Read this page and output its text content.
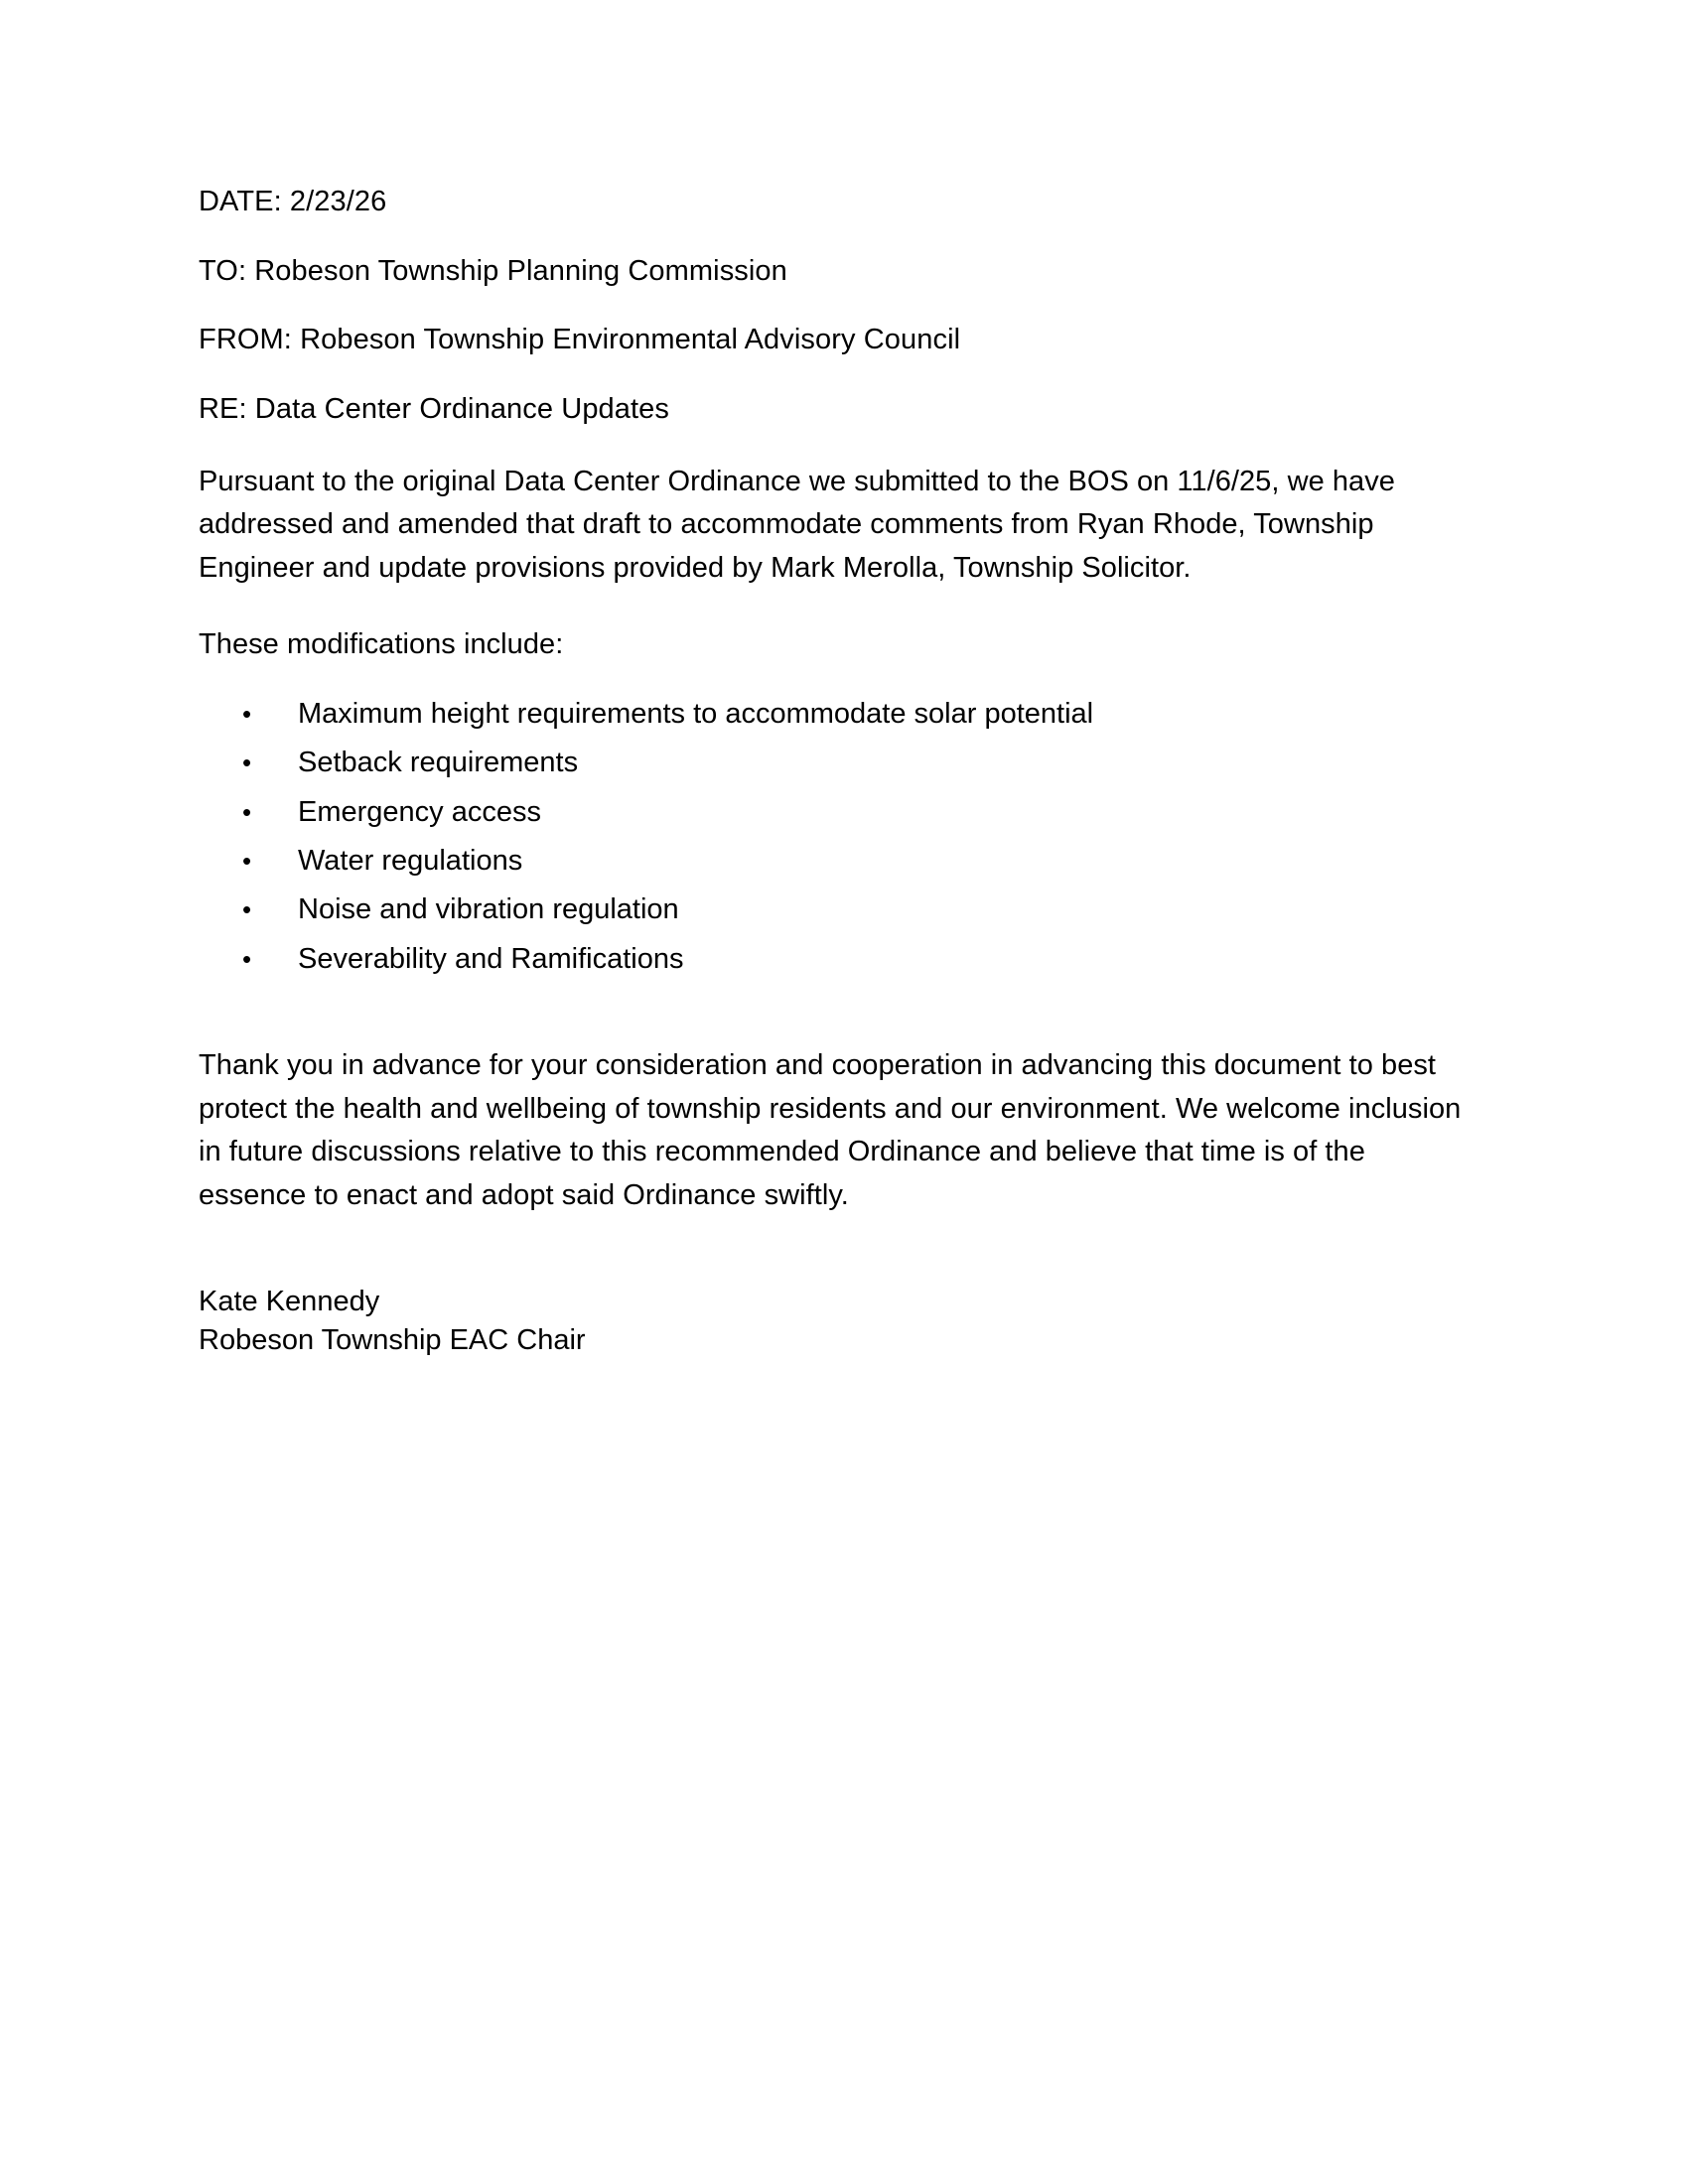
DATE: 2/23/26

TO: Robeson Township Planning Commission

FROM: Robeson Township Environmental Advisory Council

RE: Data Center Ordinance Updates

Pursuant to the original Data Center Ordinance we submitted to the BOS on 11/6/25, we have addressed and amended that draft to accommodate comments from Ryan Rhode, Township Engineer and update provisions provided by Mark Merolla, Township Solicitor.

These modifications include:

• Maximum height requirements to accommodate solar potential
• Setback requirements
• Emergency access
• Water regulations
• Noise and vibration regulation
• Severability and Ramifications

Thank you in advance for your consideration and cooperation in advancing this document to best protect the health and wellbeing of township residents and our environment. We welcome inclusion in future discussions relative to this recommended Ordinance and believe that time is of the essence to enact and adopt said Ordinance swiftly.

Kate Kennedy

Robeson Township EAC Chair
